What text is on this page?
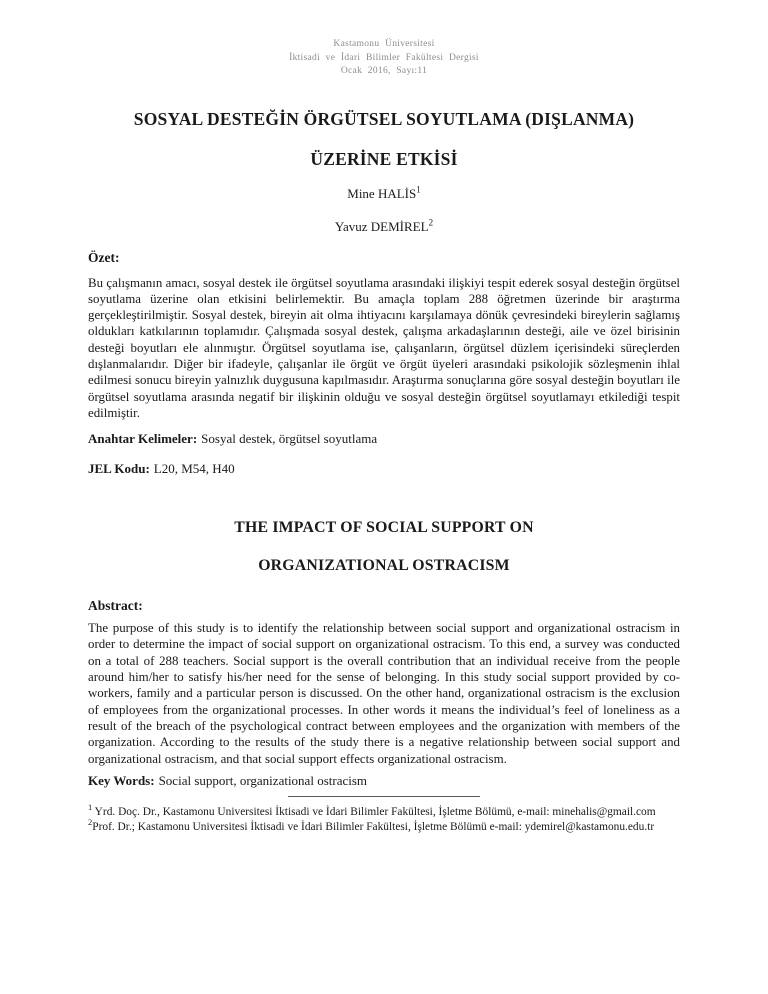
Kastamonu Üniversitesi
İktisadi ve İdari Bilimler Fakültesi Dergisi
Ocak 2016, Sayı:11
SOSYAL DESTEĞİN ÖRGÜTSEL SOYUTLAMA (DIŞLANMA)
ÜZERİNE ETKİSİ
Mine HALİS$^1$
Yavuz DEMİREL$^2$
Özet:

Bu çalışmanın amacı, sosyal destek ile örgütsel soyutlama arasındaki ilişkiyi tespit ederek sosyal desteğin örgütsel soyutlama üzerine olan etkisini belirlemektir. Bu amaçla toplam 288 öğretmen üzerinde bir araştırma gerçekleştirilmiştir. Sosyal destek, bireyin ait olma ihtiyacını karşılamaya dönük çevresindeki bireylerin sağlamış oldukları katkılarının toplamıdır. Çalışmada sosyal destek, çalışma arkadaşlarının desteği, aile ve özel birisinin desteği boyutları ele alınmıştır. Örgütsel soyutlama ise, çalışanların, örgütsel düzlem içerisindeki süreçlerden dışlanmalarıdır. Diğer bir ifadeyle, çalışanlar ile örgüt ve örgüt üyeleri arasındaki psikolojik sözleşmenin ihlal edilmesi sonucu bireyin yalnızlık duygusuna kapılmasıdır. Araştırma sonuçlarına göre sosyal desteğin boyutları ile örgütsel soyutlama arasında negatif bir ilişkinin olduğu ve sosyal desteğin örgütsel soyutlamayı etkilediği tespit edilmiştir.

Anahtar Kelimeler: Sosyal destek, örgütsel soyutlama

JEL Kodu: L20, M54, H40

THE IMPACT OF SOCIAL SUPPORT ON
ORGANIZATIONAL OSTRACISM
Abstract:

The purpose of this study is to identify the relationship between social support and organizational ostracism in order to determine the impact of social support on organizational ostracism. To this end, a survey was conducted on a total of 288 teachers. Social support is the overall contribution that an individual receive from the people around him/her to satisfy his/her need for the sense of belonging. In this study social support provided by co-workers, family and a particular person is discussed. On the other hand, organizational ostracism is the exclusion of employees from the organizational processes. In other words it means the individual’s feel of loneliness as a result of the breach of the psychological contract between employees and the organization with members of the organization. According to the results of the study there is a negative relationship between social support and organizational ostracism, and that social support effects organizational ostracism.

Key Words: Social support, organizational ostracism

$^1$ Yrd. Doç. Dr., Kastamonu Universitesi İktisadi ve İdari Bilimler Fakültesi, İşletme Bölümü, e-mail: minehalis@gmail.com
$^2$Prof. Dr.; Kastamonu Universitesi İktisadi ve İdari Bilimler Fakültesi, İşletme Bölümü e-mail: ydemirel@kastamonu.edu.tr
